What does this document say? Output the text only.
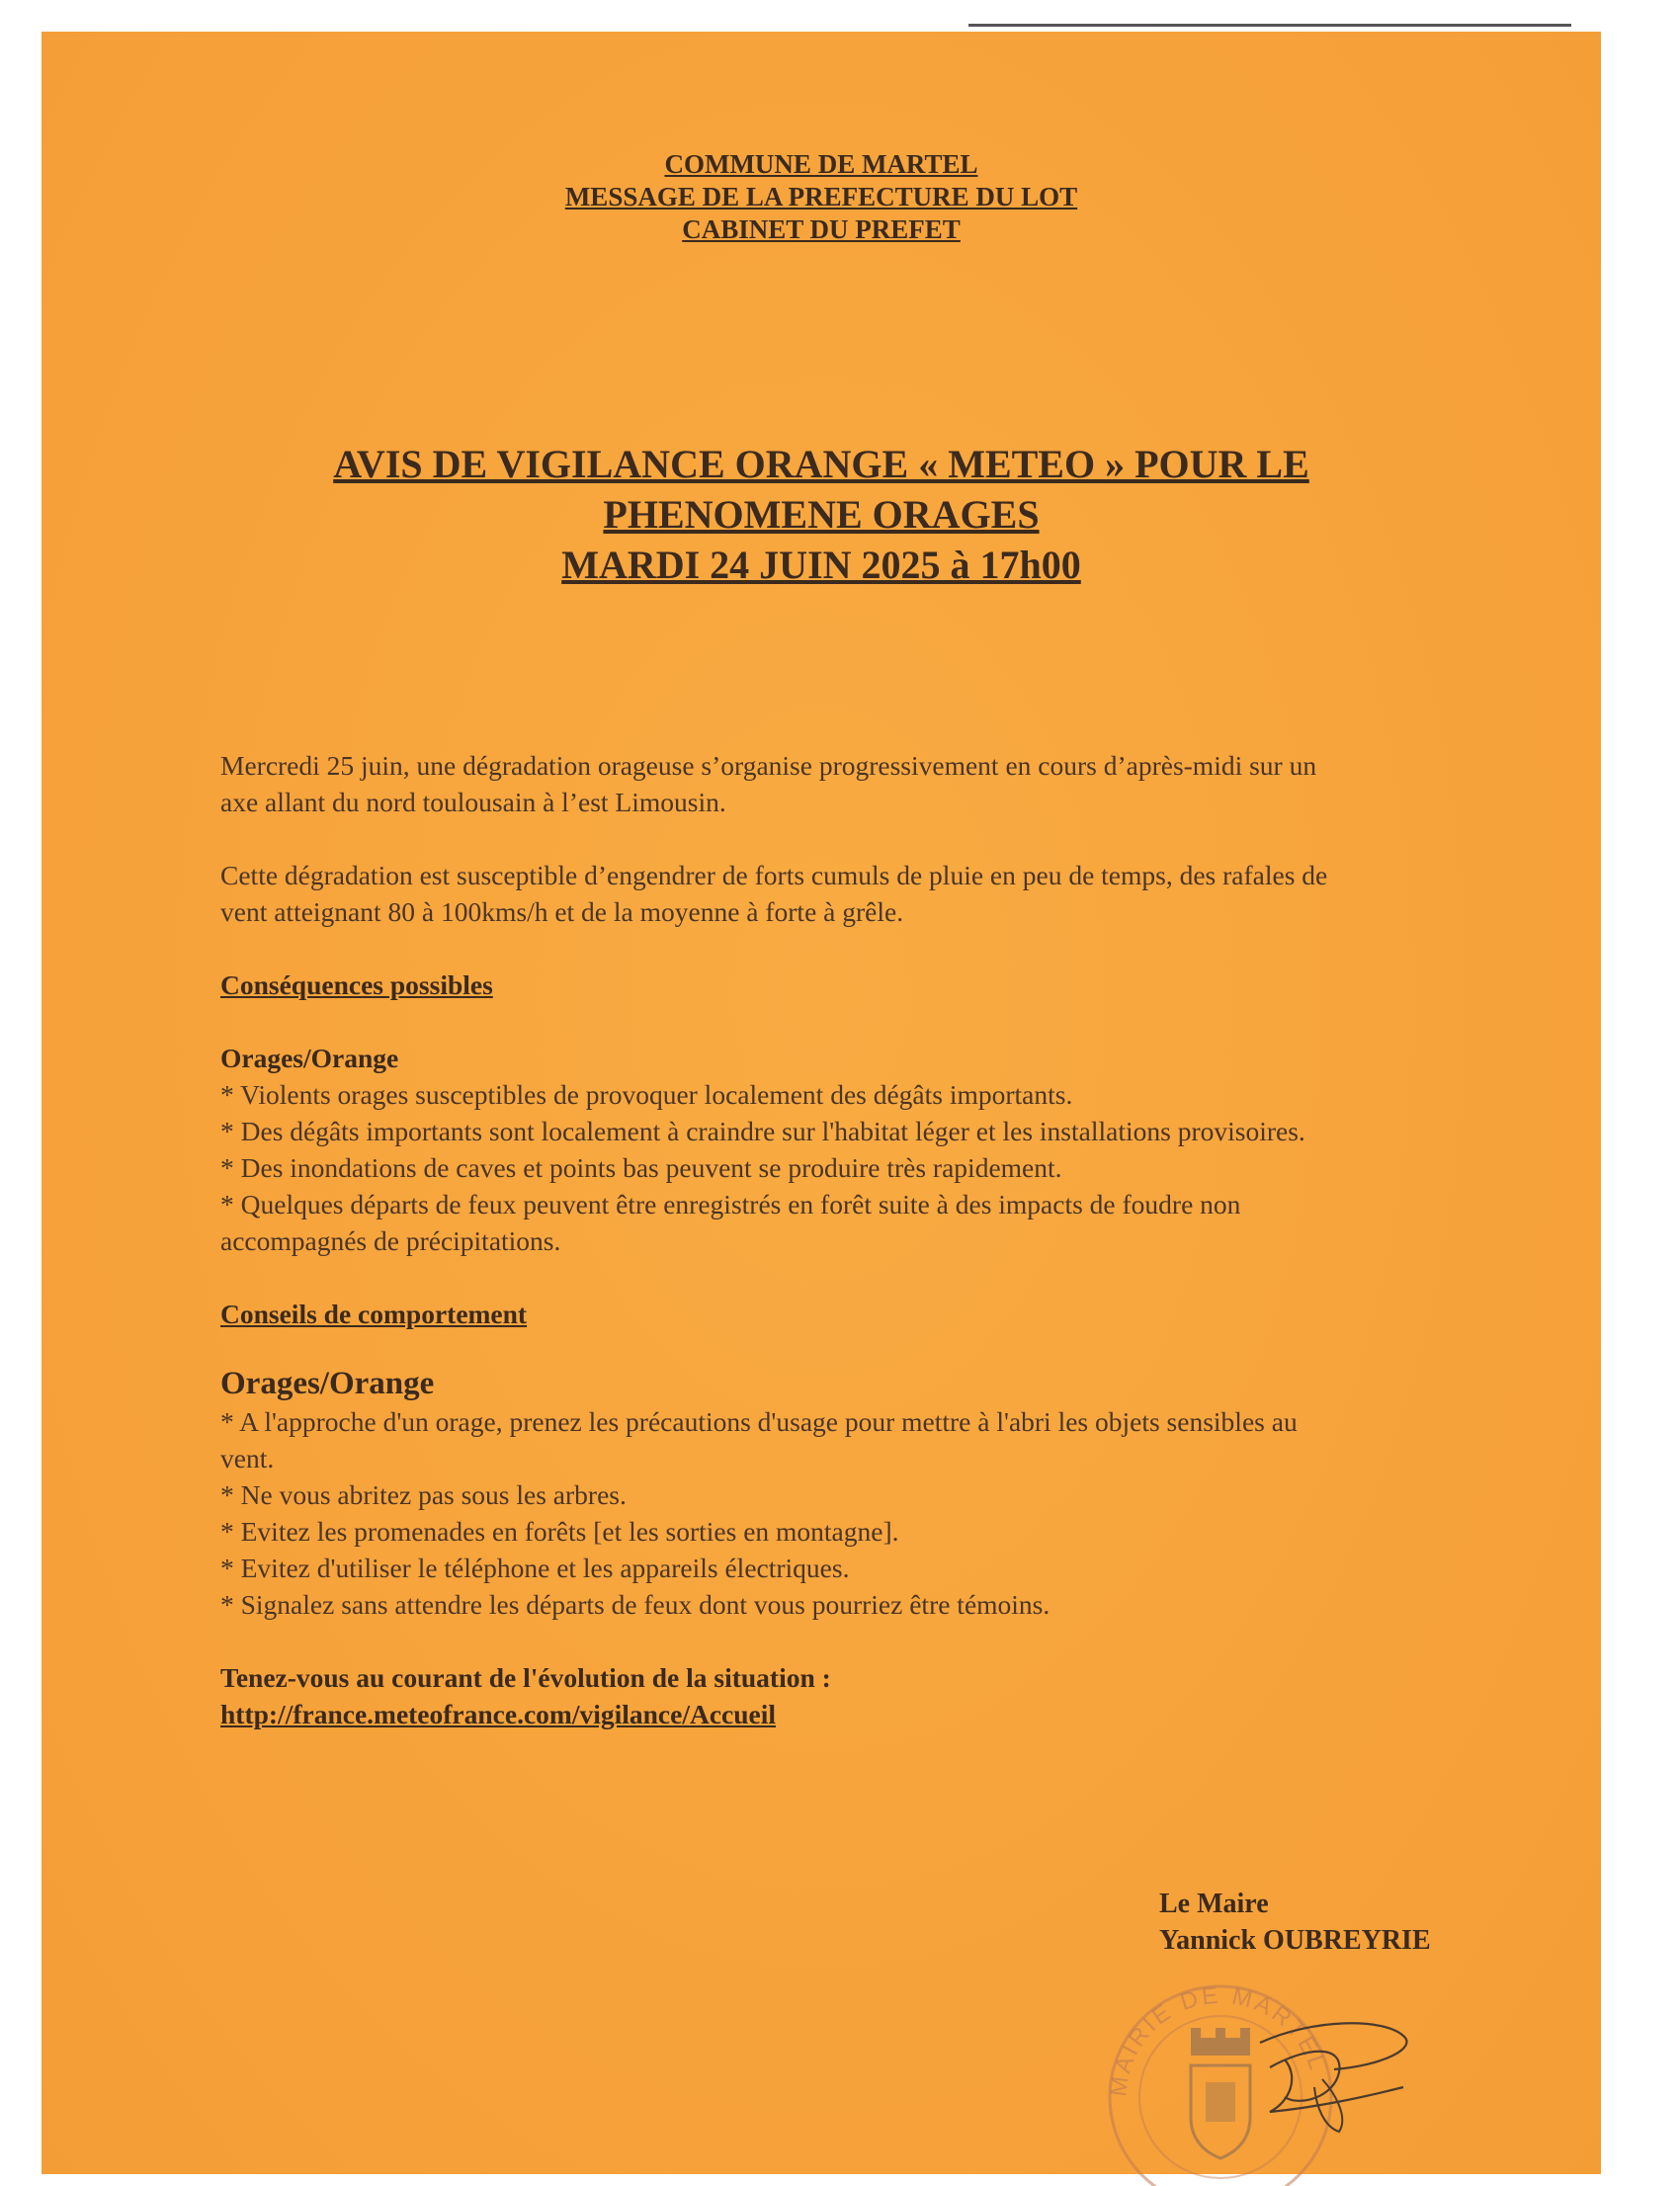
COMMUNE DE MARTEL
MESSAGE DE LA PREFECTURE DU LOT
CABINET DU PREFET
AVIS DE VIGILANCE ORANGE « METEO » POUR LE
PHENOMENE ORAGES
MARDI 24 JUIN 2025 à 17h00
Mercredi 25 juin, une dégradation orageuse s’organise progressivement en cours d’après-midi sur un
axe allant du nord toulousain à l’est Limousin.
Cette dégradation est susceptible d’engendrer de forts cumuls de pluie en peu de temps, des rafales de
vent atteignant 80 à 100kms/h et de la moyenne à forte à grêle.
Conséquences possibles
Orages/Orange
* Violents orages susceptibles de provoquer localement des dégâts importants.
* Des dégâts importants sont localement à craindre sur l'habitat léger et les installations provisoires.
* Des inondations de caves et points bas peuvent se produire très rapidement.
* Quelques départs de feux peuvent être enregistrés en forêt suite à des impacts de foudre non
accompagnés de précipitations.
Conseils de comportement
Orages/Orange
* A l'approche d'un orage, prenez les précautions d'usage pour mettre à l'abri les objets sensibles au
vent.
* Ne vous abritez pas sous les arbres.
* Evitez les promenades en forêts [et les sorties en montagne].
* Evitez d'utiliser le téléphone et les appareils électriques.
* Signalez sans attendre les départs de feux dont vous pourriez être témoins.
Tenez-vous au courant de l'évolution de la situation :
http://france.meteofrance.com/vigilance/Accueil
Le Maire
Yannick OUBREYRIE
MAIRIE DE MARTEL
